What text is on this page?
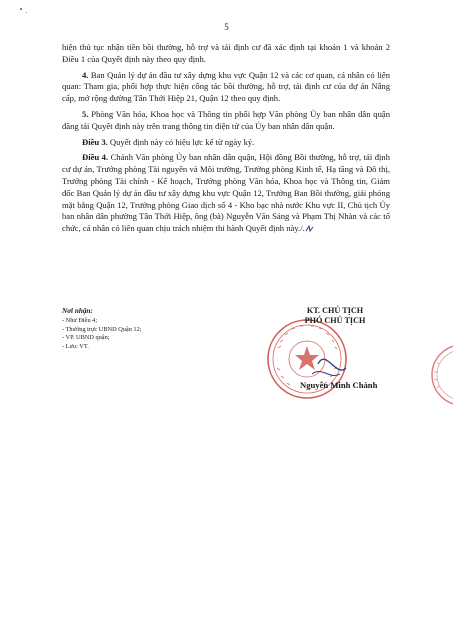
5

hiện thủ tục nhận tiền bồi thường, hỗ trợ và tái định cư đã xác định tại khoản 1 và khoản 2 Điều 1 của Quyết định này theo quy định.

4. Ban Quản lý dự án đầu tư xây dựng khu vực Quận 12 và các cơ quan, cá nhân có liên quan: Tham gia, phối hợp thực hiện công tác bồi thường, hỗ trợ, tái định cư của dự án Nâng cấp, mở rộng đường Tân Thới Hiệp 21, Quận 12 theo quy định.

5. Phòng Văn hóa, Khoa học và Thông tin phối hợp Văn phòng Ủy ban nhân dân quận đăng tải Quyết định này trên trang thông tin điện tử của Ủy ban nhân dân quận.

Điều 3. Quyết định này có hiệu lực kể từ ngày ký.

Điều 4. Chánh Văn phòng Ủy ban nhân dân quận, Hội đồng Bồi thường, hỗ trợ, tái định cư dự án, Trưởng phòng Tài nguyên và Môi trường, Trưởng phòng Kinh tế, Hạ tầng và Đô thị, Trưởng phòng Tài chính - Kế hoạch, Trưởng phòng Văn hóa, Khoa học và Thông tin, Giám đốc Ban Quản lý dự án đầu tư xây dựng khu vực Quận 12, Trưởng Ban Bồi thường, giải phóng mặt bằng Quận 12, Trưởng phòng Giao dịch số 4 - Kho bạc nhà nước Khu vực II, Chủ tịch Ủy ban nhân dân phường Tân Thới Hiệp, ông (bà) Nguyễn Văn Sáng và Phạm Thị Nhàn và các tổ chức, cá nhân có liên quan chịu trách nhiệm thi hành Quyết định này./.

Nơi nhận:
- Như Điều 4;
- Thường trực UBND Quận 12;
- VP. UBND quận;
- Lưu: VT.
KT. CHỦ TỊCH
PHÓ CHỦ TỊCH
Nguyễn Minh Chánh
